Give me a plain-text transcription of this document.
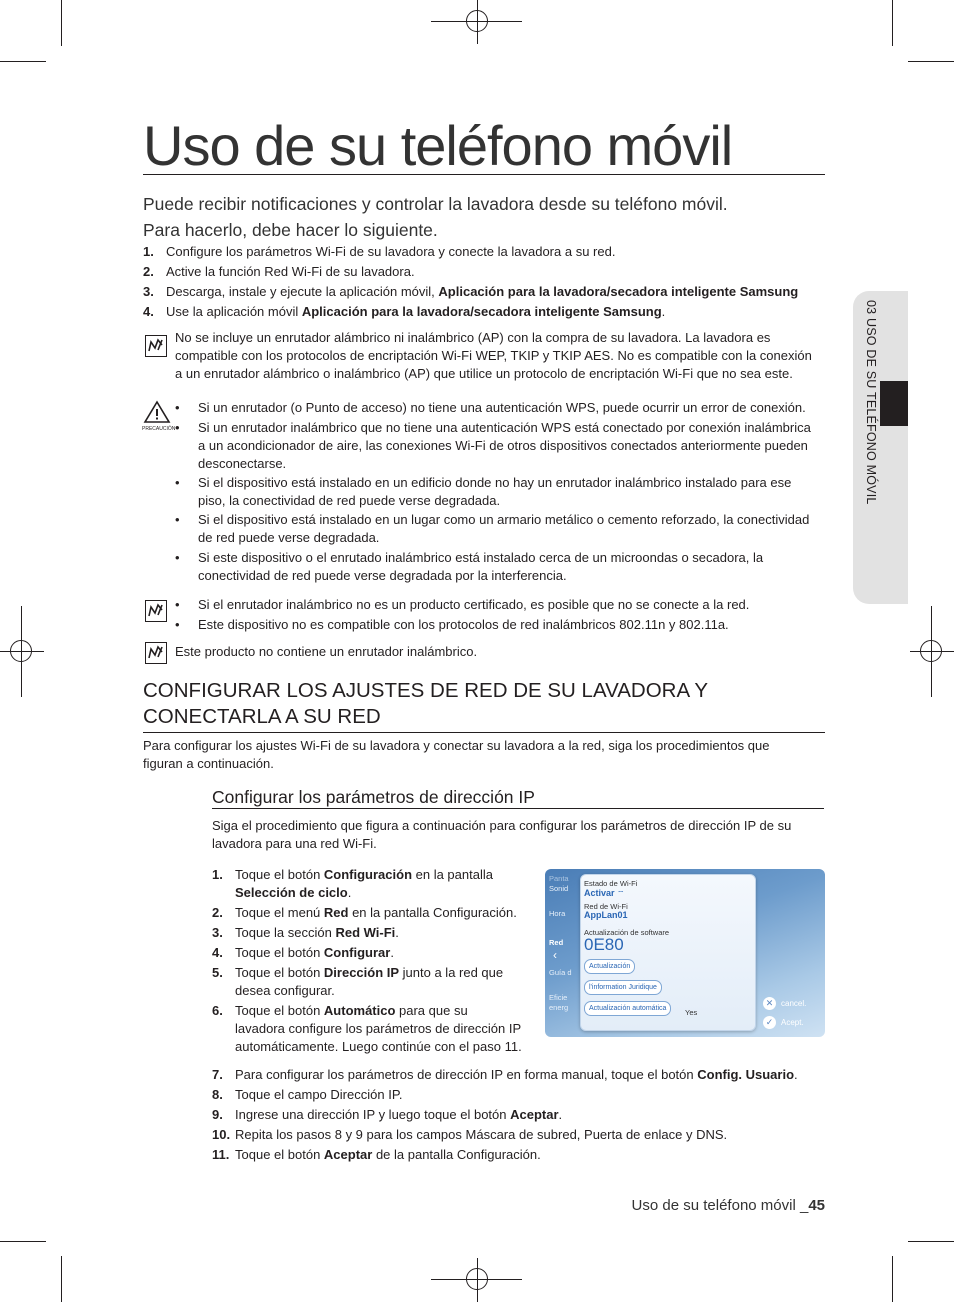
03 USO DE SU TELÉFONO MÓVIL
Uso de su teléfono móvil
Puede recibir notificaciones y controlar la lavadora desde su teléfono móvil.
Para hacerlo, debe hacer lo siguiente.
1. Configure los parámetros Wi-Fi de su lavadora y conecte la lavadora a su red.
2. Active la función Red Wi-Fi de su lavadora.
3. Descarga, instale y ejecute la aplicación móvil, Aplicación para la lavadora/secadora inteligente Samsung
4. Use la aplicación móvil Aplicación para la lavadora/secadora inteligente Samsung.
No se incluye un enrutador alámbrico ni inalámbrico (AP) con la compra de su lavadora. La lavadora es
compatible con los protocolos de encriptación Wi-Fi WEP, TKIP y TKIP AES. No es compatible con la conexión
a un enrutador alámbrico o inalámbrico (AP) que utilice un protocolo de encriptación Wi-Fi que no sea este.
PRECAUCIÓN
• Si un enrutador (o Punto de acceso) no tiene una autenticación WPS, puede ocurrir un error de conexión.
• Si un enrutador inalámbrico que no tiene una autenticación WPS está conectado por conexión inalámbrica
a un acondicionador de aire, las conexiones Wi-Fi de otros dispositivos conectados anteriormente pueden
desconectarse.
• Si el dispositivo está instalado en un edificio donde no hay un enrutador inalámbrico instalado para ese
piso, la conectividad de red puede verse degradada.
• Si el dispositivo está instalado en un lugar como un armario metálico o cemento reforzado, la conectividad
de red puede verse degradada.
• Si este dispositivo o el enrutado inalámbrico está instalado cerca de un microondas o secadora, la
conectividad de red puede verse degradada por la interferencia.
• Si el enrutador inalámbrico no es un producto certificado, es posible que no se conecte a la red.
• Este dispositivo no es compatible con los protocolos de red inalámbricos 802.11n y 802.11a.
Este producto no contiene un enrutador inalámbrico.
CONFIGURAR LOS AJUSTES DE RED DE SU LAVADORA Y
CONECTARLA A SU RED
Para configurar los ajustes Wi-Fi de su lavadora y conectar su lavadora a la red, siga los procedimientos que
figuran a continuación.
Configurar los parámetros de dirección IP
Siga el procedimiento que figura a continuación para configurar los parámetros de dirección IP de su
lavadora para una red Wi-Fi.
1. Toque el botón Configuración en la pantalla
Selección de ciclo.
2. Toque el menú Red en la pantalla Configuración.
3. Toque la sección Red Wi-Fi.
4. Toque el botón Configurar.
5. Toque el botón Dirección IP junto a la red que
desea configurar.
6. Toque el botón Automático para que su
lavadora configure los parámetros de dirección IP
automáticamente. Luego continúe con el paso 11.
7. Para configurar los parámetros de dirección IP en forma manual, toque el botón Config. Usuario.
8. Toque el campo Dirección IP.
9. Ingrese una dirección IP y luego toque el botón Aceptar.
10. Repita los pasos 8 y 9 para los campos Máscara de subred, Puerta de enlace y DNS.
11. Toque el botón Aceptar de la pantalla Configuración.
Panta
Sonid
Hora
Red
‹
Guía d
Eficie
energ
Estado de Wi-Fi
Activar ⌔
Red de Wi-Fi
AppLan01
Actualización de software
0E80
Actualización
l'information Juridique
Actualización automática	Yes
✕ cancel.
✓ Acept.
Uso de su teléfono móvil _45
